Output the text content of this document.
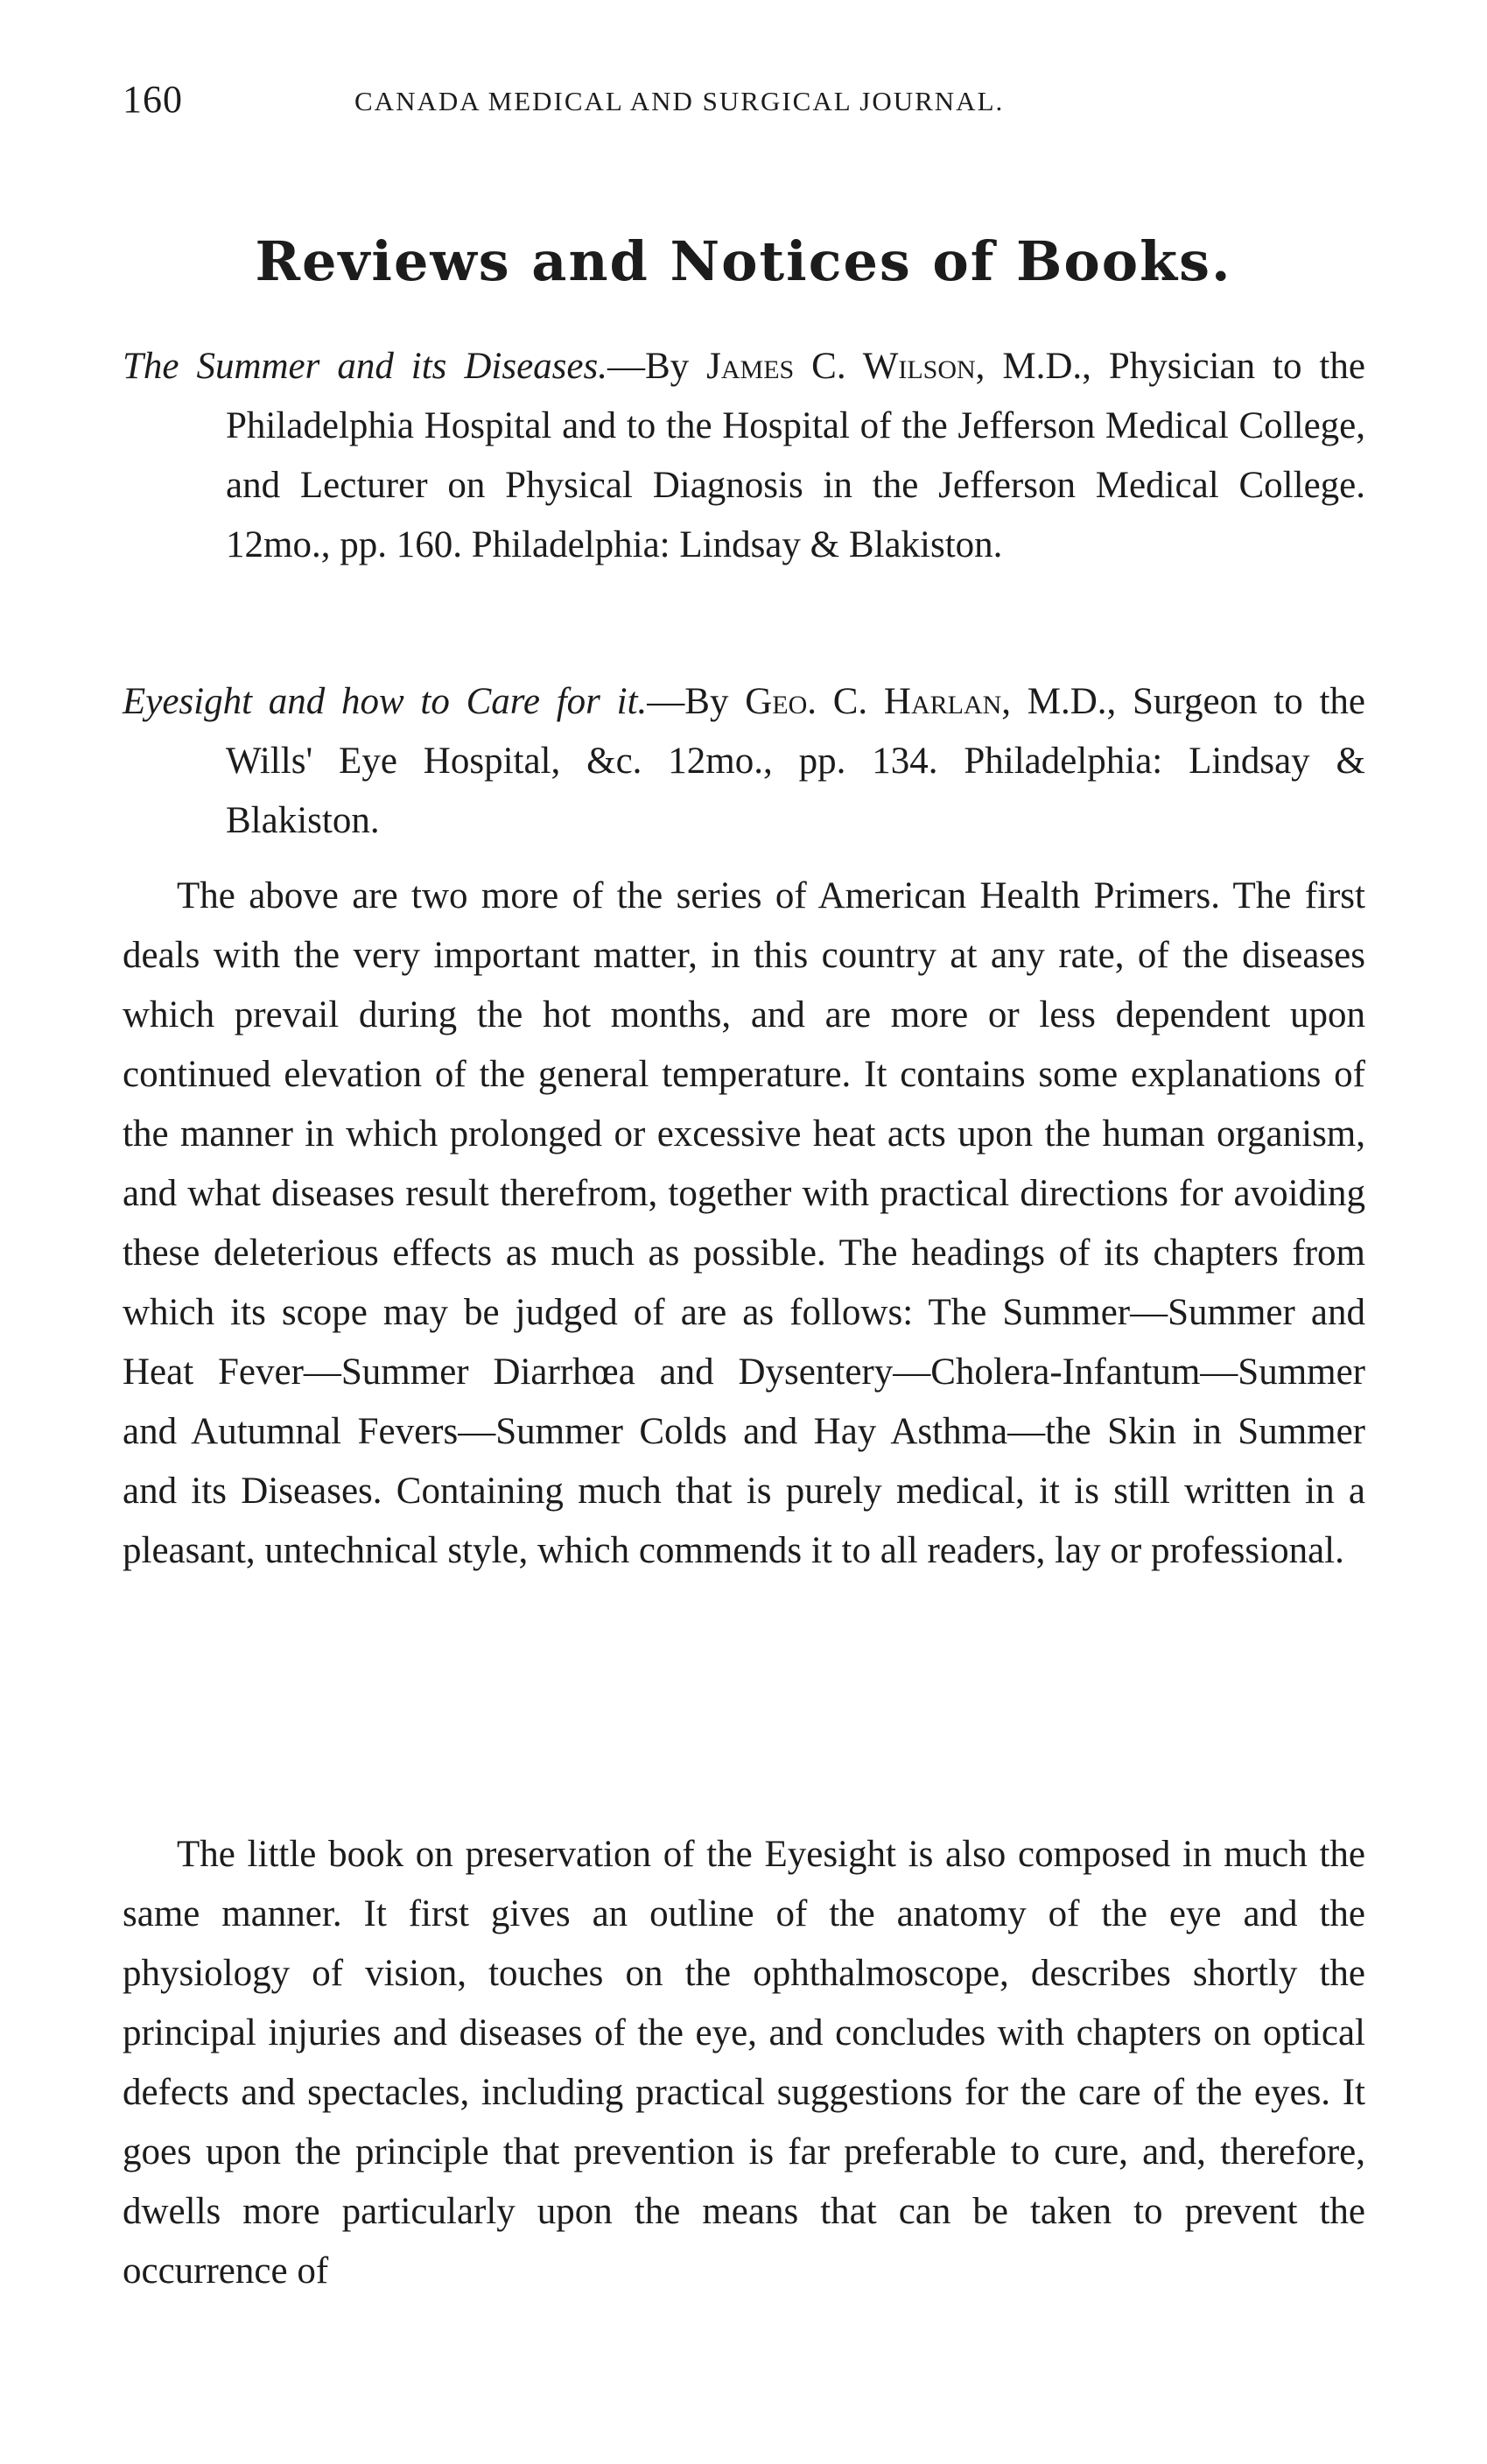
160	CANADA MEDICAL AND SURGICAL JOURNAL.
Reviews and Notices of Books.

The Summer and its Diseases.—By James C. Wilson, M.D., Physician to the Philadelphia Hospital and to the Hospital of the Jefferson Medical College, and Lecturer on Physical Diagnosis in the Jefferson Medical College. 12mo., pp. 160. Philadelphia: Lindsay & Blakiston.

Eyesight and how to Care for it.—By Geo. C. Harlan, M.D., Surgeon to the Wills' Eye Hospital, &c. 12mo., pp. 134. Philadelphia: Lindsay & Blakiston.

The above are two more of the series of American Health Primers. The first deals with the very important matter, in this country at any rate, of the diseases which prevail during the hot months, and are more or less dependent upon continued elevation of the general temperature. It contains some explanations of the manner in which prolonged or excessive heat acts upon the human organism, and what diseases result therefrom, together with practical directions for avoiding these deleterious effects as much as possible. The headings of its chapters from which its scope may be judged of are as follows: The Summer—Summer and Heat Fever—Summer Diarrhœa and Dysentery—Cholera-Infantum—Summer and Autumnal Fevers—Summer Colds and Hay Asthma—the Skin in Summer and its Diseases. Containing much that is purely medical, it is still written in a pleasant, untechnical style, which commends it to all readers, lay or professional.

The little book on preservation of the Eyesight is also composed in much the same manner. It first gives an outline of the anatomy of the eye and the physiology of vision, touches on the ophthalmoscope, describes shortly the principal injuries and diseases of the eye, and concludes with chapters on optical defects and spectacles, including practical suggestions for the care of the eyes. It goes upon the principle that prevention is far preferable to cure, and, therefore, dwells more particularly upon the means that can be taken to prevent the occurrence of
